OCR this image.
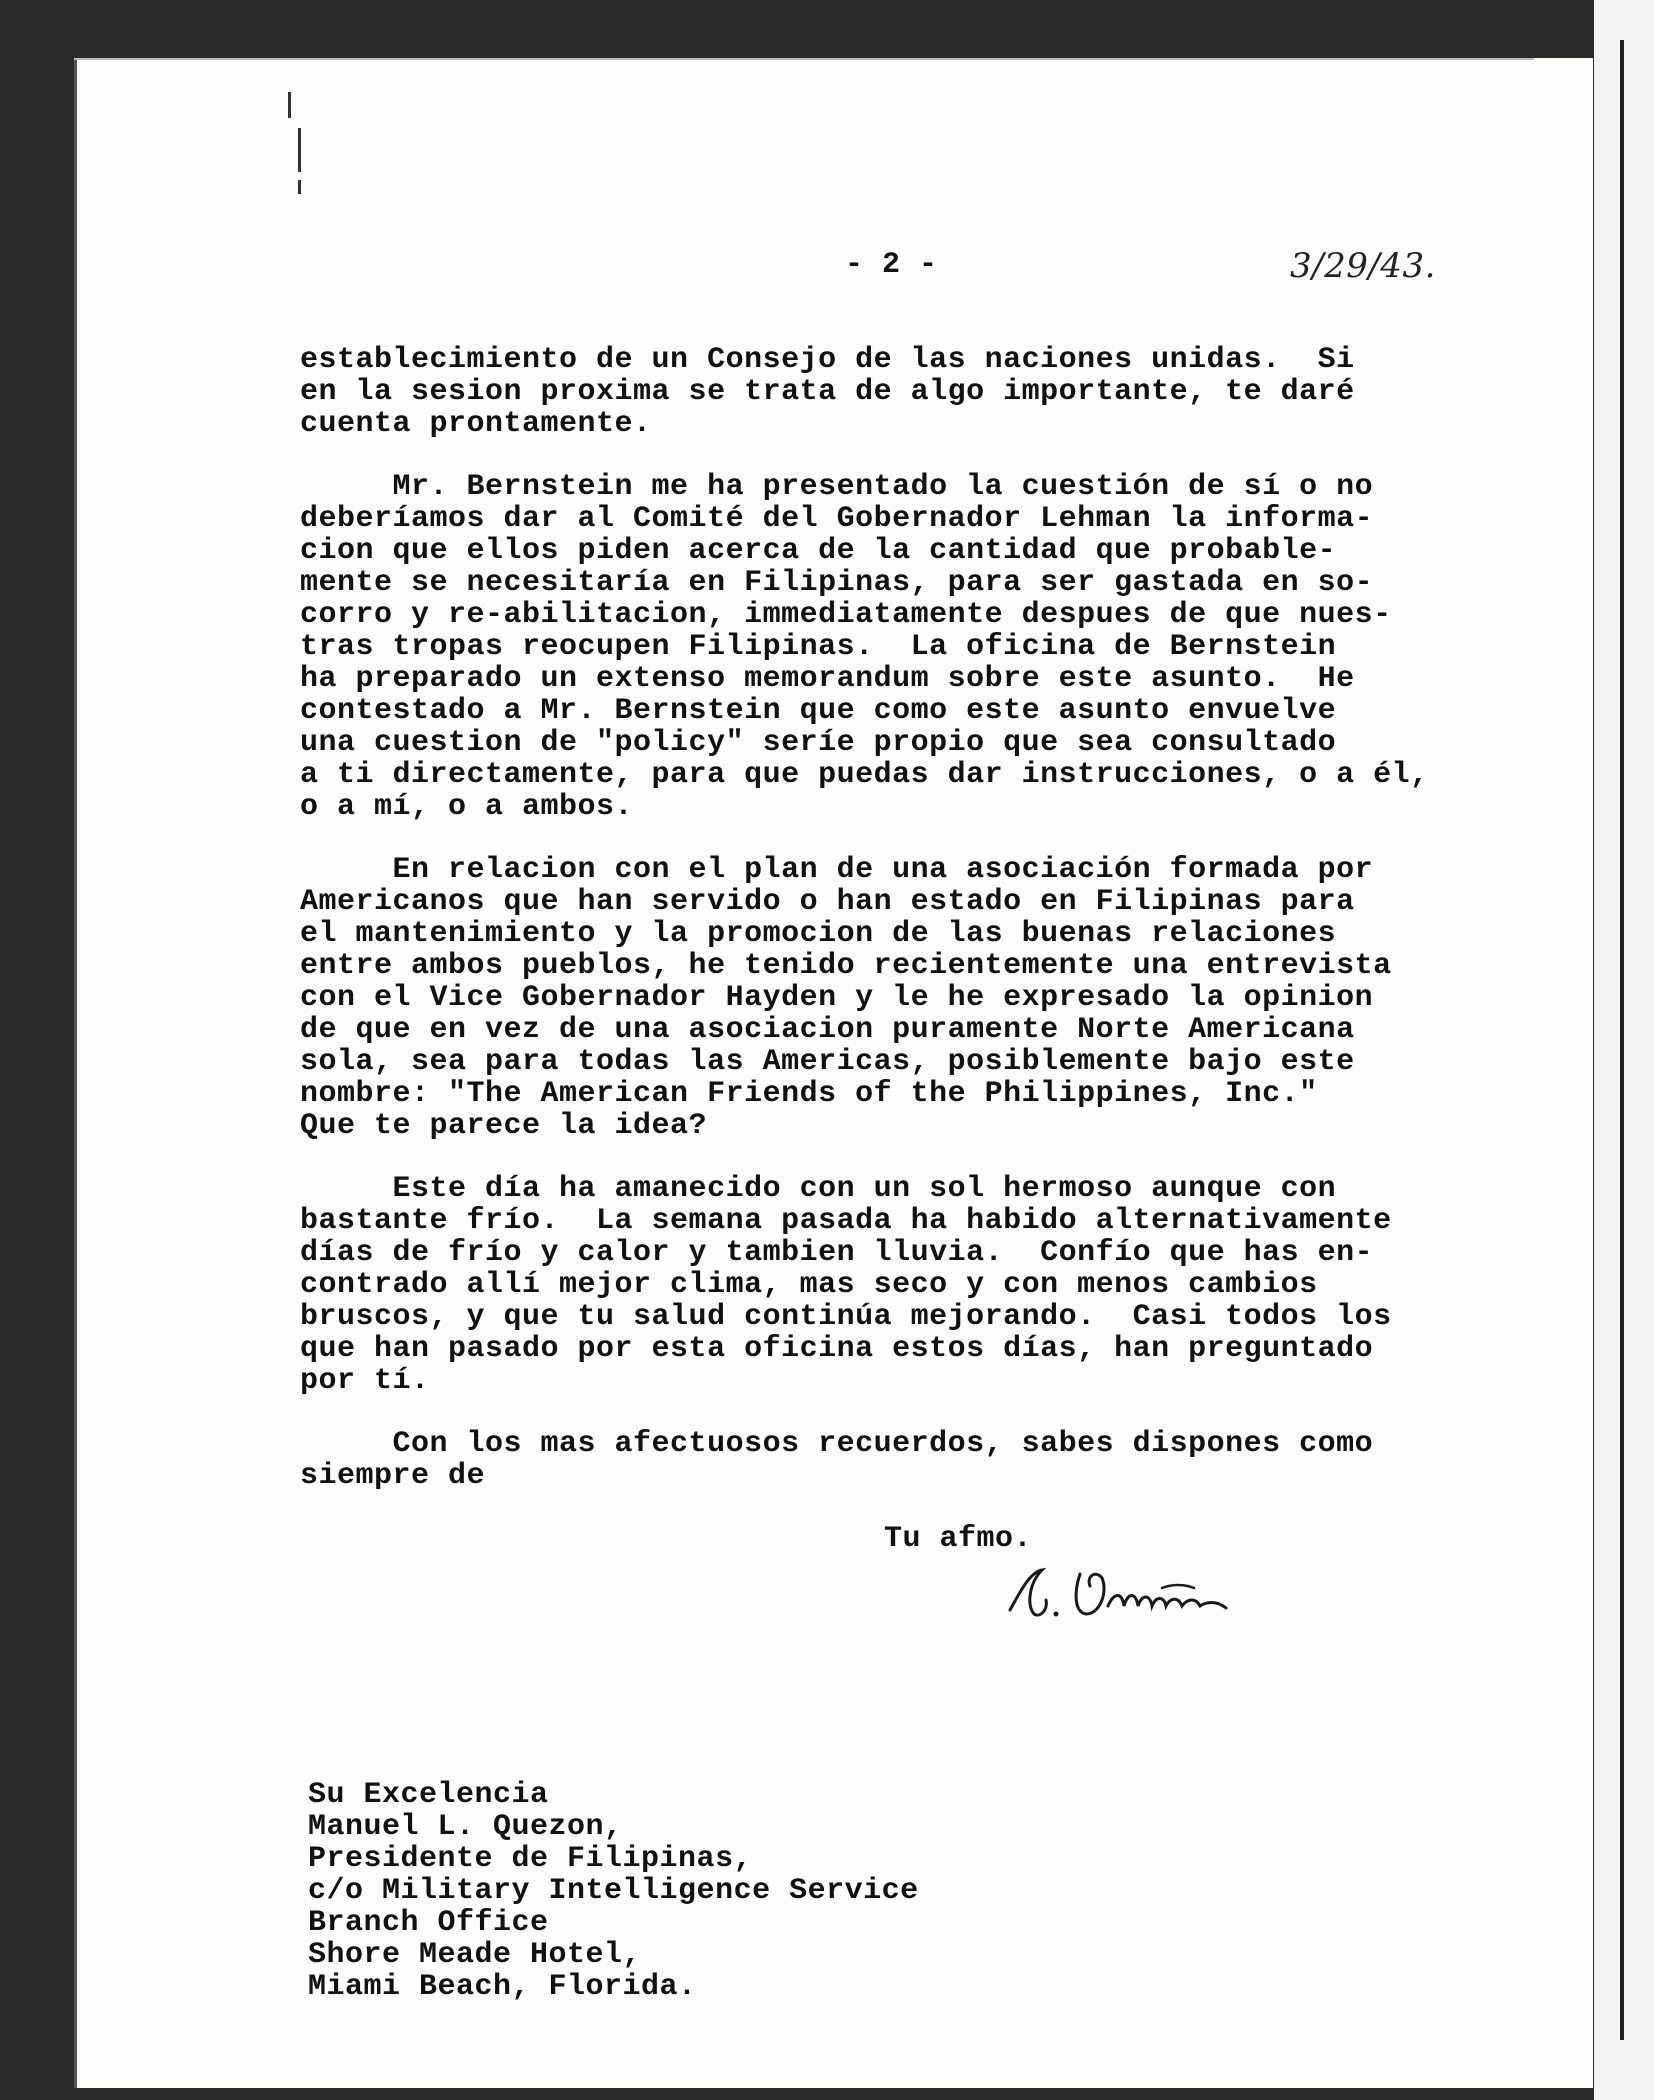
- 2 -	3/29/43.
establecimiento de un Consejo de las naciones unidas.  Si
en la sesion proxima se trata de algo importante, te daré
cuenta prontamente.
Mr. Bernstein me ha presentado la cuestión de sí o no
deberíamos dar al Comité del Gobernador Lehman la informa-
cion que ellos piden acerca de la cantidad que probable-
mente se necesitaría en Filipinas, para ser gastada en so-
corro y re-abilitacion, immediatamente despues de que nues-
tras tropas reocupen Filipinas.  La oficina de Bernstein
ha preparado un extenso memorandum sobre este asunto.  He
contestado a Mr. Bernstein que como este asunto envuelve
una cuestion de "policy" seríe propio que sea consultado
a ti directamente, para que puedas dar instrucciones, o a él,
o a mí, o a ambos.
En relacion con el plan de una asociación formada por
Americanos que han servido o han estado en Filipinas para
el mantenimiento y la promocion de las buenas relaciones
entre ambos pueblos, he tenido recientemente una entrevista
con el Vice Gobernador Hayden y le he expresado la opinion
de que en vez de una asociacion puramente Norte Americana
sola, sea para todas las Americas, posiblemente bajo este
nombre: "The American Friends of the Philippines, Inc."
Que te parece la idea?
Este día ha amanecido con un sol hermoso aunque con
bastante frío.  La semana pasada ha habido alternativamente
días de frío y calor y tambien lluvia.  Confío que has en-
contrado allí mejor clima, mas seco y con menos cambios
bruscos, y que tu salud continúa mejorando.  Casi todos los
que han pasado por esta oficina estos días, han preguntado
por tí.
Con los mas afectuosos recuerdos, sabes dispones como
siempre de
Tu afmo.
Su Excelencia
Manuel L. Quezon,
Presidente de Filipinas,
c/o Military Intelligence Service
Branch Office
Shore Meade Hotel,
Miami Beach, Florida.
